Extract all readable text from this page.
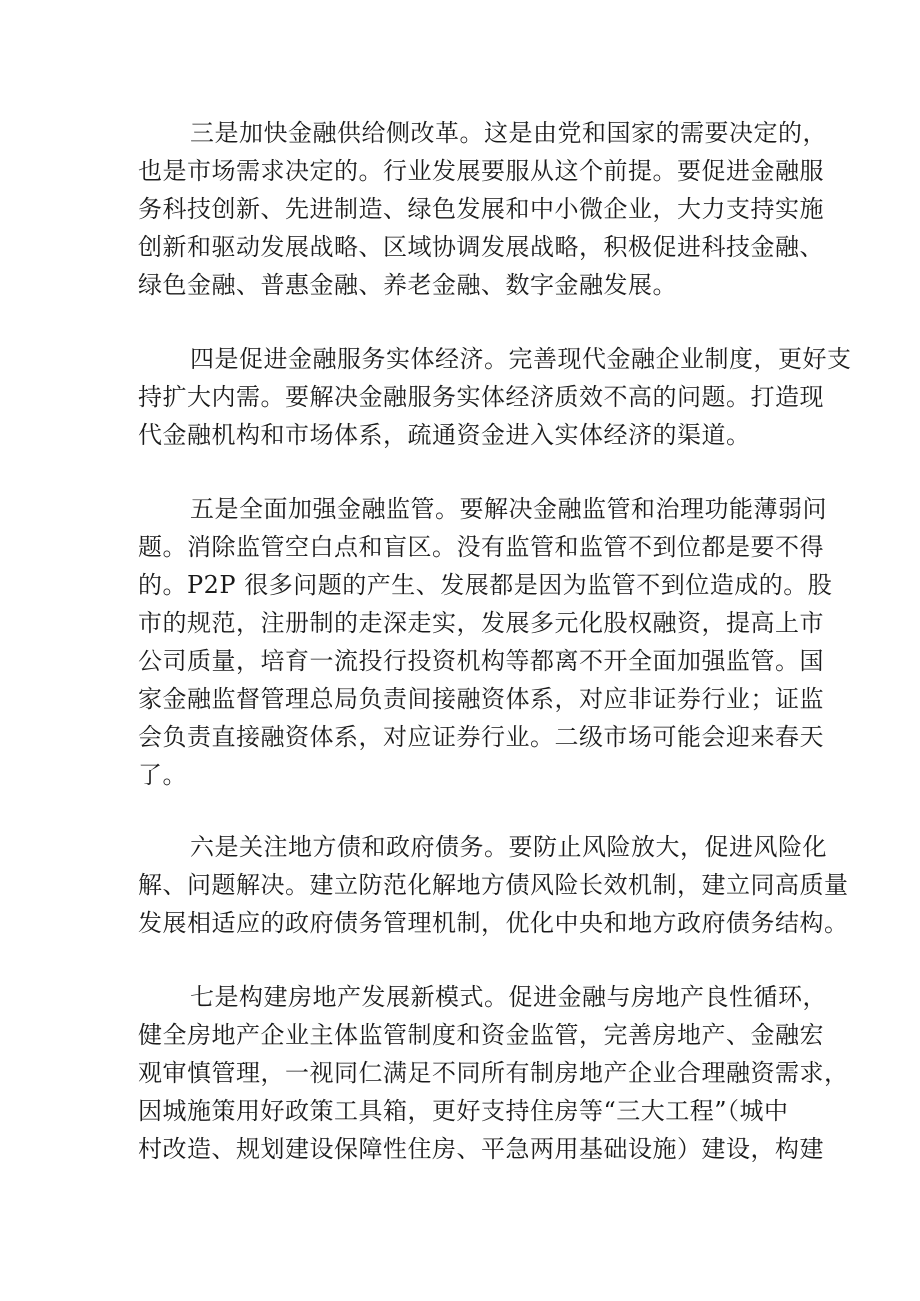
三是加快金融供给侧改革。这是由党和国家的需要决定的，
也是市场需求决定的。行业发展要服从这个前提。要促进金融服
务科技创新、先进制造、绿色发展和中小微企业，大力支持实施
创新和驱动发展战略、区域协调发展战略，积极促进科技金融、
绿色金融、普惠金融、养老金融、数字金融发展。
四是促进金融服务实体经济。完善现代金融企业制度，更好支
持扩大内需。要解决金融服务实体经济质效不高的问题。打造现
代金融机构和市场体系，疏通资金进入实体经济的渠道。
五是全面加强金融监管。要解决金融监管和治理功能薄弱问
题。消除监管空白点和盲区。没有监管和监管不到位都是要不得
的。P2P 很多问题的产生、发展都是因为监管不到位造成的。股
市的规范，注册制的走深走实，发展多元化股权融资，提高上市
公司质量，培育一流投行投资机构等都离不开全面加强监管。国
家金融监督管理总局负责间接融资体系，对应非证券行业；证监
会负责直接融资体系，对应证券行业。二级市场可能会迎来春天
了。
六是关注地方债和政府债务。要防止风险放大，促进风险化
解、问题解决。建立防范化解地方债风险长效机制，建立同高质量
发展相适应的政府债务管理机制，优化中央和地方政府债务结构。
七是构建房地产发展新模式。促进金融与房地产良性循环，
健全房地产企业主体监管制度和资金监管，完善房地产、金融宏
观审慎管理，一视同仁满足不同所有制房地产企业合理融资需求，
因城施策用好政策工具箱，更好支持住房等“三大工程”（城中
村改造、规划建设保障性住房、平急两用基础设施）建设，构建
